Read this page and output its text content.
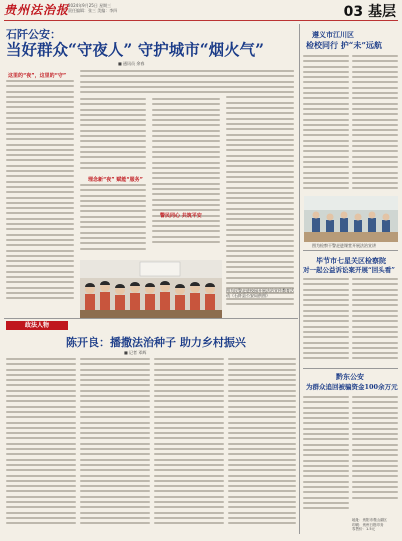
贵州法治报
2024年9月25日 星期三
责任编辑：张三 美编：李四	03 基层
石阡公安：
当好群众“守夜人” 守护城市“烟火气”
■ 通讯员 余春
这里的“夜”，这里的“守”
理念新“夜” 赋能“服务”
警民同心 共筑平安
图为民警走进校园开展法治宣传教育活动（石阡县公安局供图）
遵义市江川区
检校同行 护“未”远航
图为检察干警走进课堂开展法治宣讲
毕节市七星关区检察院
对一起公益诉讼案开展“回头看”
黔东公安
为群众追回被骗资金100余万元
地址：贵阳市观山湖区
印刷：贵州日报印务
零售价：1.5元
政法人物
陈开良：播撒法治种子 助力乡村振兴
■ 记者 邓辉
